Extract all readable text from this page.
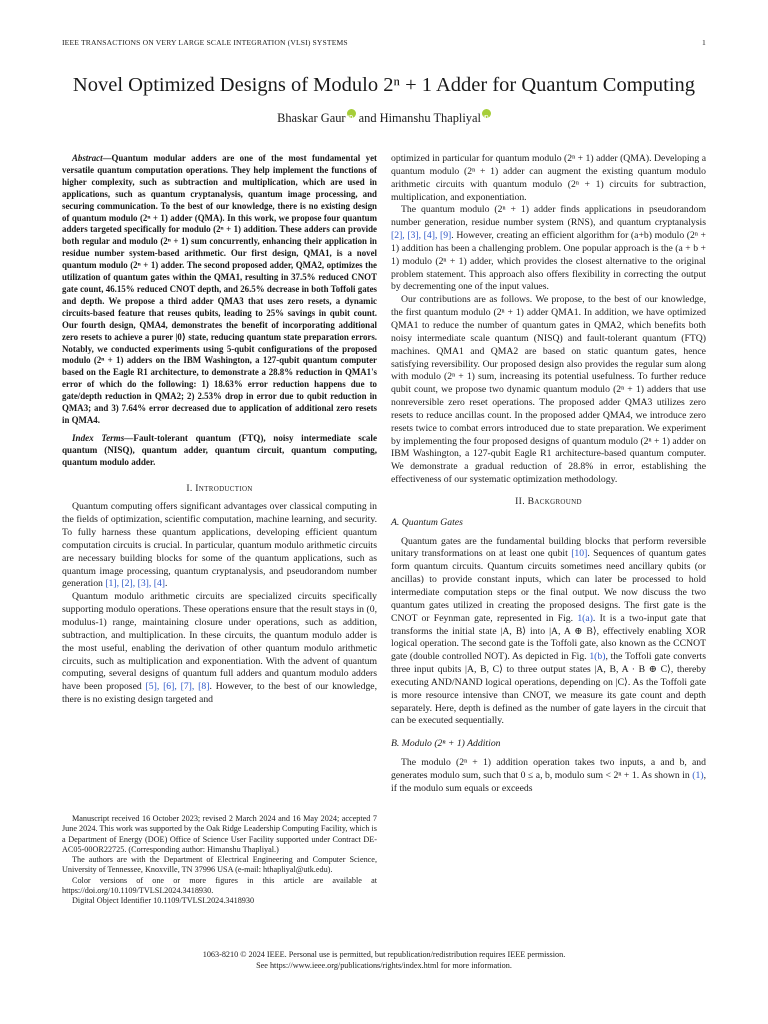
IEEE TRANSACTIONS ON VERY LARGE SCALE INTEGRATION (VLSI) SYSTEMS	1
Novel Optimized Designs of Modulo 2ⁿ + 1 Adder for Quantum Computing
Bhaskar GauriD and Himanshu ThapliyaliD

Abstract—Quantum modular adders are one of the most fundamental yet versatile quantum computation operations. They help implement the functions of higher complexity, such as subtraction and multiplication, which are used in applications, such as quantum cryptanalysis, quantum image processing, and securing communication. To the best of our knowledge, there is no existing design of quantum modulo (2ⁿ + 1) adder (QMA). In this work, we propose four quantum adders targeted specifically for modulo (2ⁿ + 1) addition. These adders can provide both regular and modulo (2ⁿ + 1) sum concurrently, enhancing their application in residue number system-based arithmetic. Our first design, QMA1, is a novel quantum modulo (2ⁿ + 1) adder. The second proposed adder, QMA2, optimizes the utilization of quantum gates within the QMA1, resulting in 37.5% reduced CNOT gate count, 46.15% reduced CNOT depth, and 26.5% decrease in both Toffoli gates and depth. We propose a third adder QMA3 that uses zero resets, a dynamic circuits-based feature that reuses qubits, leading to 25% savings in qubit count. Our fourth design, QMA4, demonstrates the benefit of incorporating additional zero resets to achieve a purer |0⟩ state, reducing quantum state preparation errors. Notably, we conducted experiments using 5-qubit configurations of the proposed modulo (2ⁿ + 1) adders on the IBM Washington, a 127-qubit quantum computer based on the Eagle R1 architecture, to demonstrate a 28.8% reduction in QMA1's error of which do the following: 1) 18.63% error reduction happens due to gate/depth reduction in QMA2; 2) 2.53% drop in error due to qubit reduction in QMA3; and 3) 7.64% error decreased due to application of additional zero resets in QMA4.

Index Terms—Fault-tolerant quantum (FTQ), noisy intermediate scale quantum (NISQ), quantum adder, quantum circuit, quantum computing, quantum modulo adder.

I. Introduction

Quantum computing offers significant advantages over classical computing in the fields of optimization, scientific computation, machine learning, and security. To fully harness these quantum applications, developing efficient quantum computation circuits is crucial. In particular, quantum modulo arithmetic circuits are necessary building blocks for some of the quantum applications, such as quantum image processing, quantum cryptanalysis, and pseudorandom number generation [1], [2], [3], [4].

Quantum modulo arithmetic circuits are specialized circuits specifically supporting modulo operations. These operations ensure that the result stays in (0, modulus-1) range, maintaining closure under operations, such as addition, subtraction, and multiplication. In these circuits, the quantum modulo adder is the most useful, enabling the derivation of other quantum modulo arithmetic circuits, such as multiplication and exponentiation. With the advent of quantum computing, several designs of quantum full adders and quantum modulo adders have been proposed [5], [6], [7], [8]. However, to the best of our knowledge, there is no existing design targeted and

optimized in particular for quantum modulo (2ⁿ + 1) adder (QMA). Developing a quantum modulo (2ⁿ + 1) adder can augment the existing quantum modulo arithmetic circuits with quantum modulo (2ⁿ + 1) circuits for subtraction, multiplication, and exponentiation.

The quantum modulo (2ⁿ + 1) adder finds applications in pseudorandom number generation, residue number system (RNS), and quantum cryptanalysis [2], [3], [4], [9]. However, creating an efficient algorithm for (a+b) modulo (2ⁿ + 1) addition has been a challenging problem. One popular approach is the (a + b + 1) modulo (2ⁿ + 1) adder, which provides the closest alternative to the original problem statement. This approach also offers flexibility in correcting the output by decrementing one of the input values.

Our contributions are as follows. We propose, to the best of our knowledge, the first quantum modulo (2ⁿ + 1) adder QMA1. In addition, we have optimized QMA1 to reduce the number of quantum gates in QMA2, which benefits both noisy intermediate scale quantum (NISQ) and fault-tolerant quantum (FTQ) machines. QMA1 and QMA2 are based on static quantum gates, hence satisfying reversibility. Our proposed design also provides the regular sum along with modulo (2ⁿ + 1) sum, increasing its potential usefulness. To further reduce qubit count, we propose two dynamic quantum modulo (2ⁿ + 1) adders that use nonreversible zero reset operations. The proposed adder QMA3 utilizes zero resets to reduce ancillas count. In the proposed adder QMA4, we introduce zero resets twice to combat errors introduced due to state preparation. We experiment by implementing the four proposed designs of quantum modulo (2ⁿ + 1) adder on IBM Washington, a 127-qubit Eagle R1 architecture-based quantum computer. We demonstrate a gradual reduction of 28.8% in error, establishing the effectiveness of our systematic optimization methodology.

II. Background
A. Quantum Gates

Quantum gates are the fundamental building blocks that perform reversible unitary transformations on at least one qubit [10]. Sequences of quantum gates form quantum circuits. Quantum circuits sometimes need ancillary qubits (or ancillas) to provide constant inputs, which can later be processed to hold intermediate computation steps or the final output. We now discuss the two quantum gates utilized in creating the proposed designs. The first gate is the CNOT or Feynman gate, represented in Fig. 1(a). It is a two-input gate that transforms the initial state |A, B⟩ into |A, A ⊕ B⟩, effectively enabling XOR logical operation. The second gate is the Toffoli gate, also known as the CCNOT gate (double controlled NOT). As depicted in Fig. 1(b), the Toffoli gate converts three input qubits |A, B, C⟩ to three output states |A, B, A · B ⊕ C⟩, thereby executing AND/NAND logical operations, depending on |C⟩. As the Toffoli gate is more resource intensive than CNOT, we measure its gate count and depth separately. Here, depth is defined as the number of gate layers in the circuit that can be executed sequentially.

B. Modulo (2ⁿ + 1) Addition

The modulo (2ⁿ + 1) addition operation takes two inputs, a and b, and generates modulo sum, such that 0 ≤ a, b, modulo sum < 2ⁿ + 1. As shown in (1), if the modulo sum equals or exceeds

Manuscript received 16 October 2023; revised 2 March 2024 and 16 May 2024; accepted 7 June 2024. This work was supported by the Oak Ridge Leadership Computing Facility, which is a Department of Energy (DOE) Office of Science User Facility supported under Contract DE-AC05-00OR22725. (Corresponding author: Himanshu Thapliyal.)

The authors are with the Department of Electrical Engineering and Computer Science, University of Tennessee, Knoxville, TN 37996 USA (e-mail: hthapliyal@utk.edu).

Color versions of one or more figures in this article are available at https://doi.org/10.1109/TVLSI.2024.3418930.

Digital Object Identifier 10.1109/TVLSI.2024.3418930

1063-8210 © 2024 IEEE. Personal use is permitted, but republication/redistribution requires IEEE permission.
See https://www.ieee.org/publications/rights/index.html for more information.
